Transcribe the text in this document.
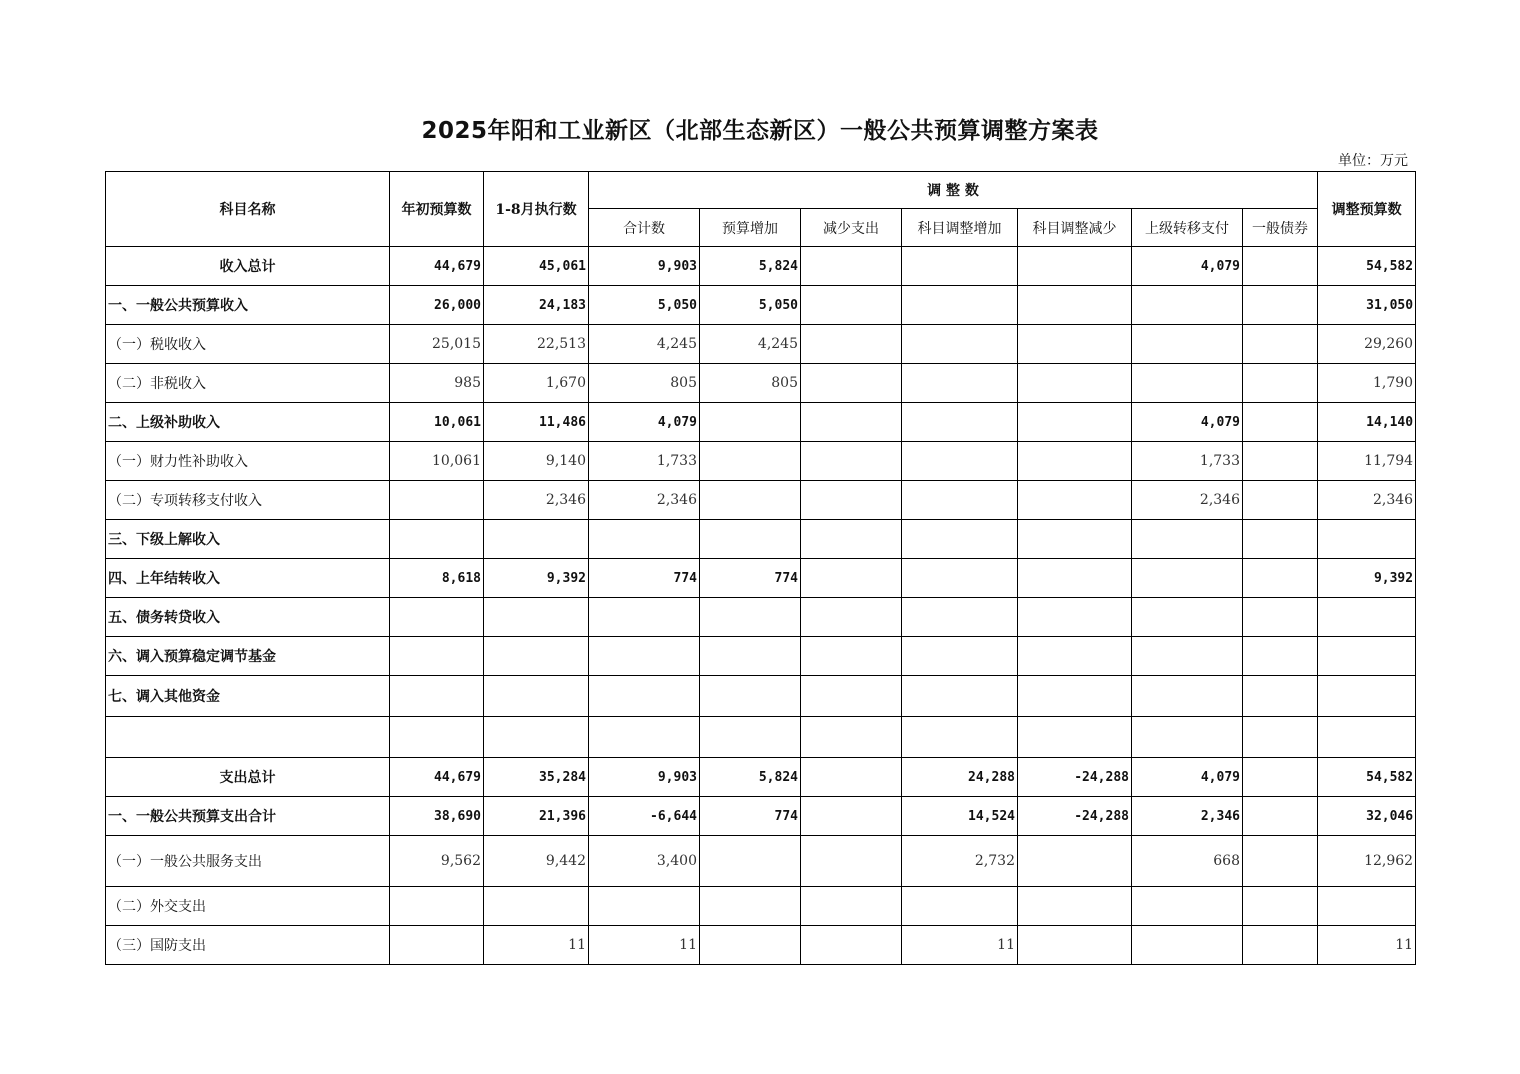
2025年阳和工业新区（北部生态新区）一般公共预算调整方案表
单位：万元
科目名称	年初预算数	1-8月执行数	调 整 数							调整预算数
			合计数	预算增加	减少支出	科目调整增加	科目调整减少	上级转移支付	一般债券	
收入总计	44,679	45,061	9,903	5,824				4,079		54,582
一、一般公共预算收入	26,000	24,183	5,050	5,050						31,050
（一）税收收入	25,015	22,513	4,245	4,245						29,260
（二）非税收入	985	1,670	805	805						1,790
二、上级补助收入	10,061	11,486	4,079					4,079		14,140
（一）财力性补助收入	10,061	9,140	1,733					1,733		11,794
（二）专项转移支付收入		2,346	2,346					2,346		2,346
三、下级上解收入										
四、上年结转收入	8,618	9,392	774	774						9,392
五、债务转贷收入										
六、调入预算稳定调节基金										
七、调入其他资金										

支出总计	44,679	35,284	9,903	5,824		24,288	-24,288	4,079		54,582
一、一般公共预算支出合计	38,690	21,396	-6,644	774		14,524	-24,288	2,346		32,046
（一）一般公共服务支出	9,562	9,442	3,400			2,732		668		12,962
（二）外交支出										
（三）国防支出		11	11			11				11
